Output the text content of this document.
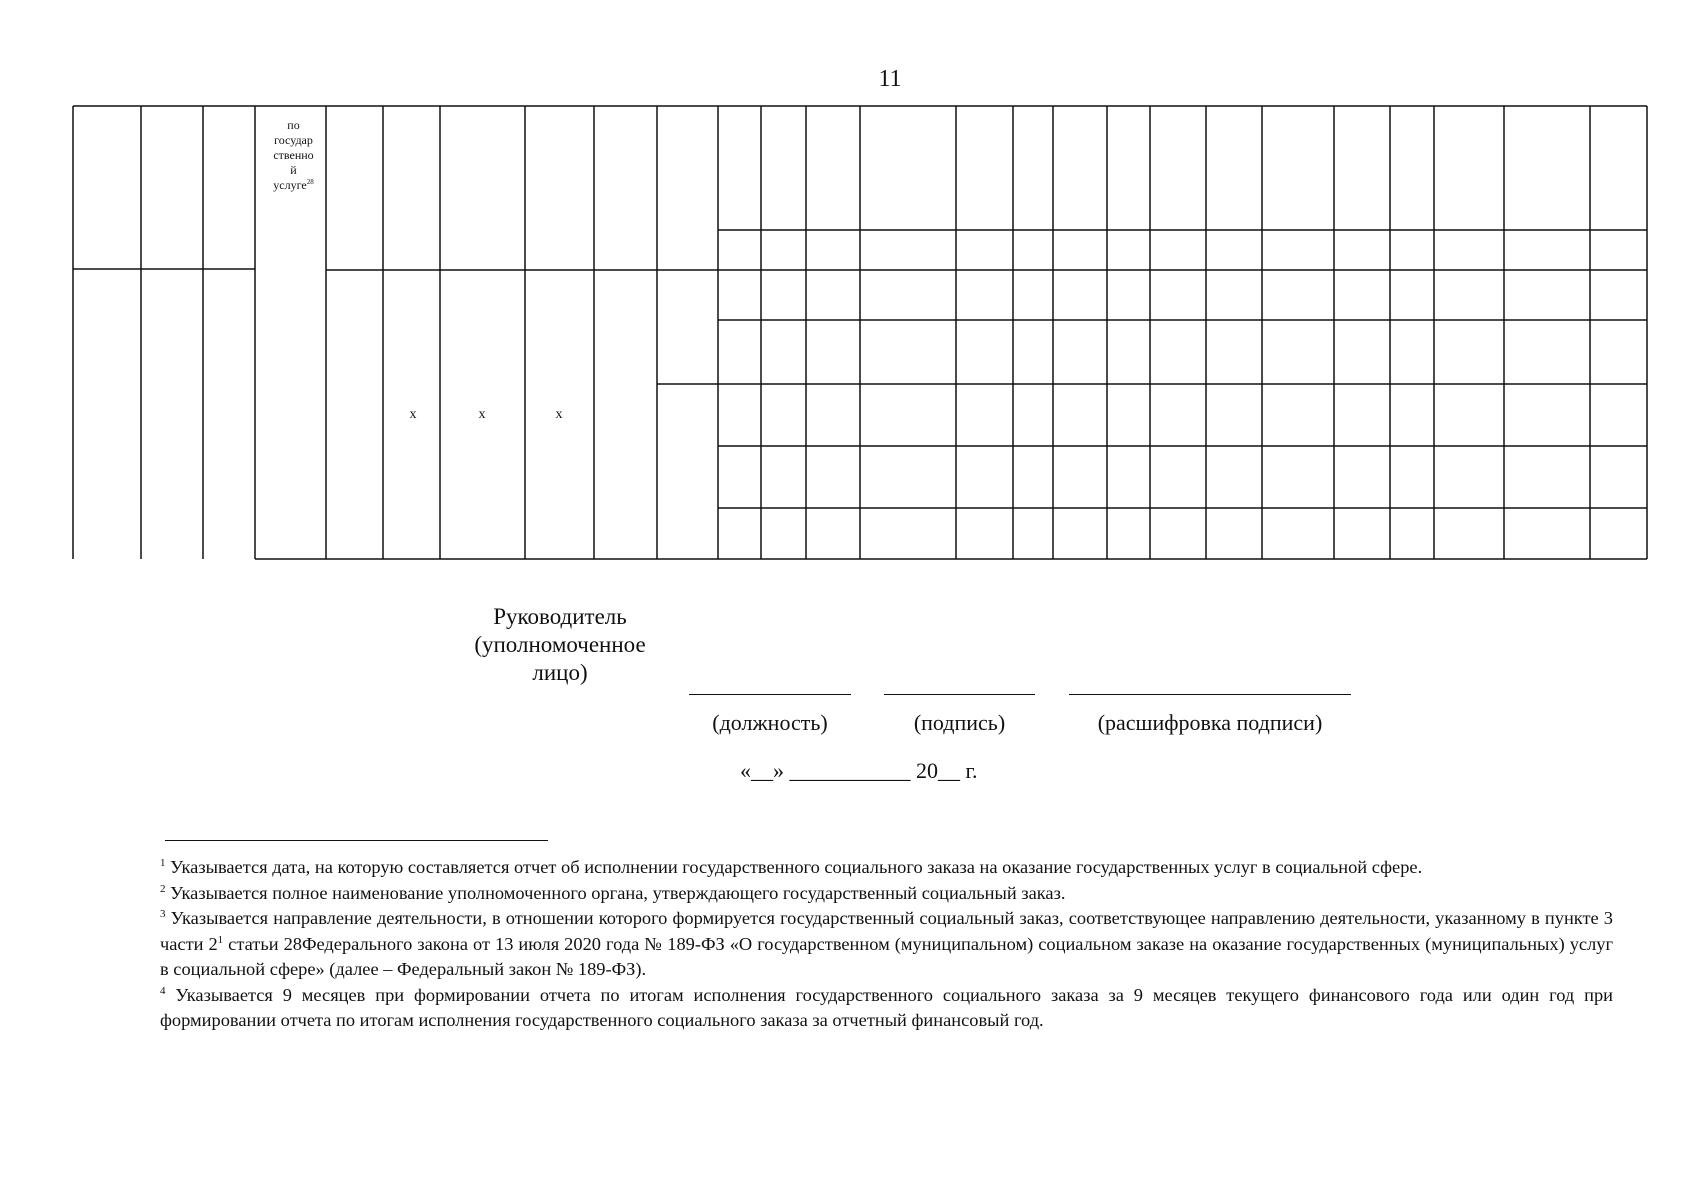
11
по
государ
ственно
й
услуге$^{28}$
х	х	х
Руководитель
(уполномоченное
лицо)
(должность)	(подпись)	(расшифровка подписи)
«__» ___________ 20__ г.

$^1$ Указывается дата, на которую составляется отчет об исполнении государственного социального заказа на оказание государственных услуг в социальной сфере.

$^2$ Указывается полное наименование уполномоченного органа, утверждающего государственный социальный заказ.

$^3$ Указывается направление деятельности, в отношении которого формируется государственный социальный заказ, соответствующее направлению деятельности, указанному в пункте 3 части $2^1$ статьи 28Федерального закона от 13 июля 2020 года № 189-ФЗ «О государственном (муниципальном) социальном заказе на оказание государственных (муниципальных) услуг в социальной сфере» (далее – Федеральный закон № 189-ФЗ).

$^4$ Указывается 9 месяцев при формировании отчета по итогам исполнения государственного социального заказа за 9 месяцев текущего финансового года или один год при формировании отчета по итогам исполнения государственного социального заказа за отчетный финансовый год.
